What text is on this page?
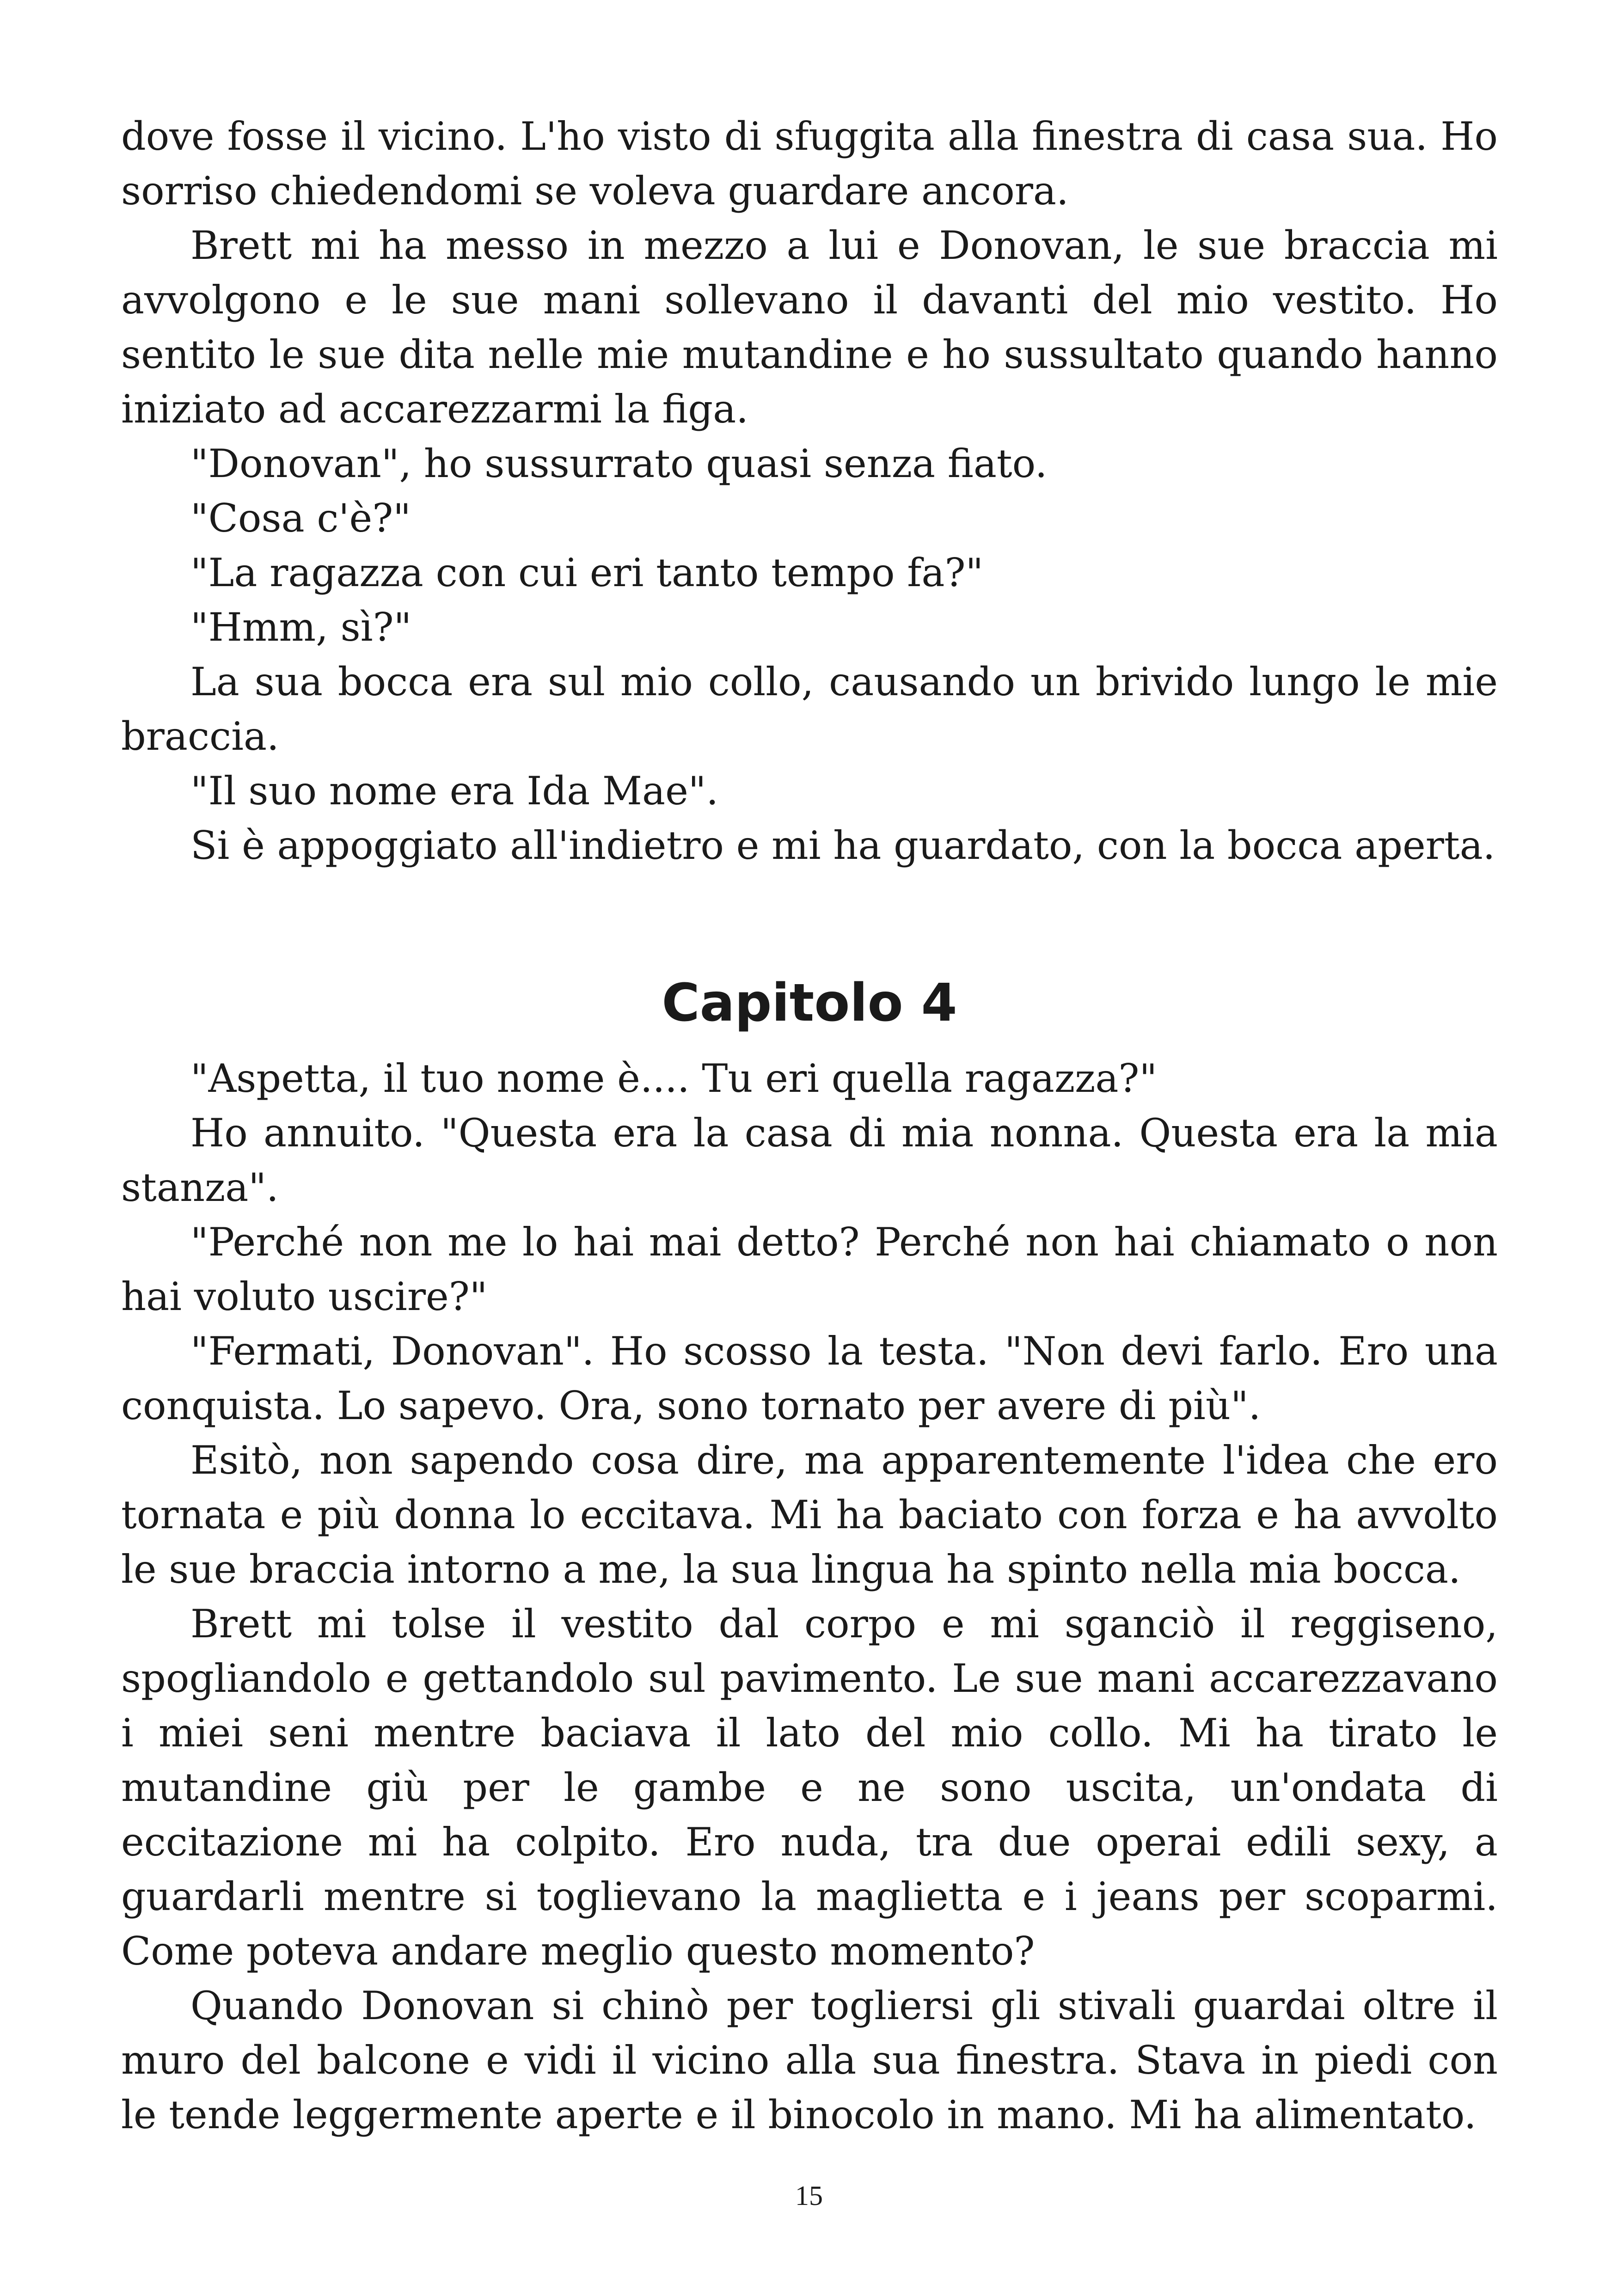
dove fosse il vicino. L'ho visto di sfuggita alla finestra di casa sua. Ho sorriso chiedendomi se voleva guardare ancora.

Brett mi ha messo in mezzo a lui e Donovan, le sue braccia mi avvolgono e le sue mani sollevano il davanti del mio vestito. Ho sentito le sue dita nelle mie mutandine e ho sussultato quando hanno iniziato ad accarezzarmi la figa.

"Donovan", ho sussurrato quasi senza fiato.

"Cosa c'è?"

"La ragazza con cui eri tanto tempo fa?"

"Hmm, sì?"

La sua bocca era sul mio collo, causando un brivido lungo le mie braccia.

"Il suo nome era Ida Mae".

Si è appoggiato all'indietro e mi ha guardato, con la bocca aperta.

Capitolo 4

"Aspetta, il tuo nome è.... Tu eri quella ragazza?"

Ho annuito. "Questa era la casa di mia nonna. Questa era la mia stanza".

"Perché non me lo hai mai detto? Perché non hai chiamato o non hai voluto uscire?"

"Fermati, Donovan". Ho scosso la testa. "Non devi farlo. Ero una conquista. Lo sapevo. Ora, sono tornato per avere di più".

Esitò, non sapendo cosa dire, ma apparentemente l'idea che ero tornata e più donna lo eccitava. Mi ha baciato con forza e ha avvolto le sue braccia intorno a me, la sua lingua ha spinto nella mia bocca.

Brett mi tolse il vestito dal corpo e mi sganciò il reggiseno, spogliandolo e gettandolo sul pavimento. Le sue mani accarezzavano i miei seni mentre baciava il lato del mio collo. Mi ha tirato le mutandine giù per le gambe e ne sono uscita, un'ondata di eccitazione mi ha colpito. Ero nuda, tra due operai edili sexy, a guardarli mentre si toglievano la maglietta e i jeans per scoparmi. Come poteva andare meglio questo momento?

Quando Donovan si chinò per togliersi gli stivali guardai oltre il muro del balcone e vidi il vicino alla sua finestra. Stava in piedi con le tende leggermente aperte e il binocolo in mano. Mi ha alimentato.

15
